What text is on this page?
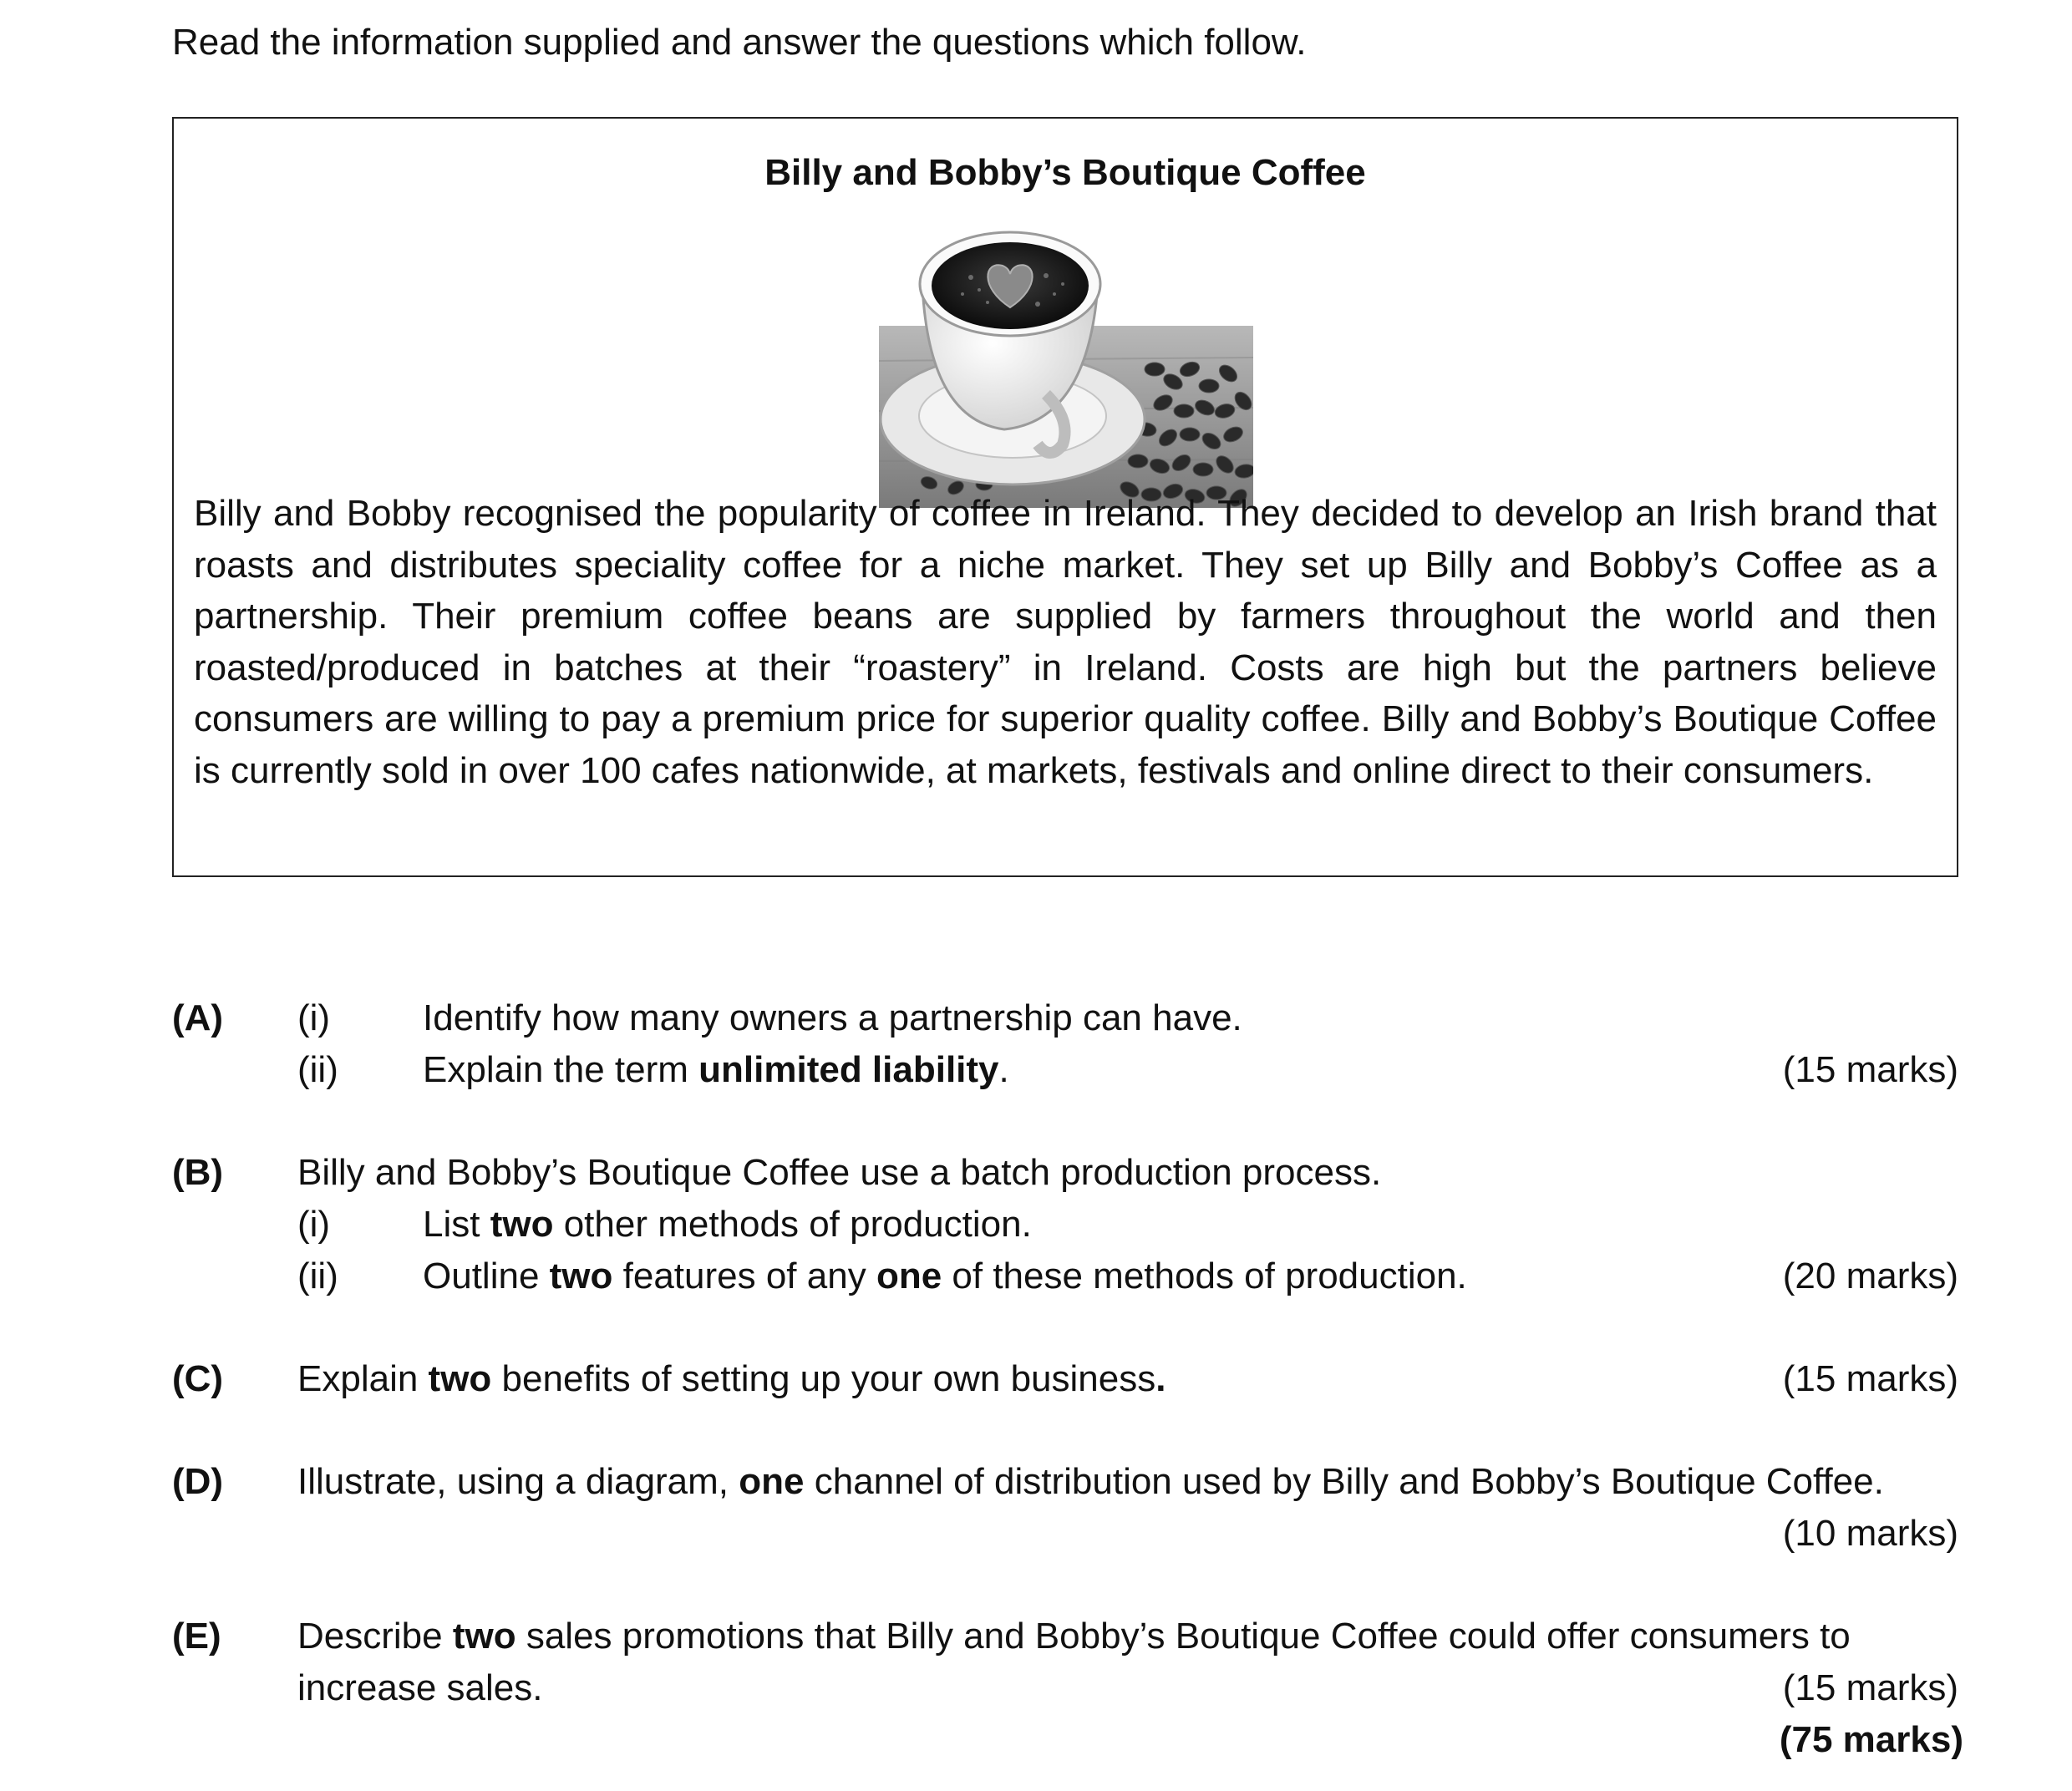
Read the information supplied and answer the questions which follow.
Billy and Bobby’s Boutique Coffee
Billy and Bobby recognised the popularity of coffee in Ireland. They decided to develop an Irish brand that roasts and distributes speciality coffee for a niche market. They set up Billy and Bobby’s Coffee as a partnership. Their premium coffee beans are supplied by farmers throughout the world and then roasted/produced in batches at their “roastery” in Ireland. Costs are high but the partners believe consumers are willing to pay a premium price for superior quality coffee. Billy and Bobby’s Boutique Coffee is currently sold in over 100 cafes nationwide, at markets, festivals and online direct to their consumers.
(A) (i)	Identify how many owners a partnership can have.
(ii) Explain the term unlimited liability.	(15 marks)
(B) Billy and Bobby’s Boutique Coffee use a batch production process.
(i)	List two other methods of production.
(ii) Outline two features of any one of these methods of production.	(20 marks)
(C) Explain two benefits of setting up your own business.	(15 marks)
(D) Illustrate, using a diagram, one channel of distribution used by Billy and Bobby’s Boutique Coffee.
(10 marks)
(E) Describe two sales promotions that Billy and Bobby’s Boutique Coffee could offer consumers to
increase sales.	(15 marks)
(75 marks)
